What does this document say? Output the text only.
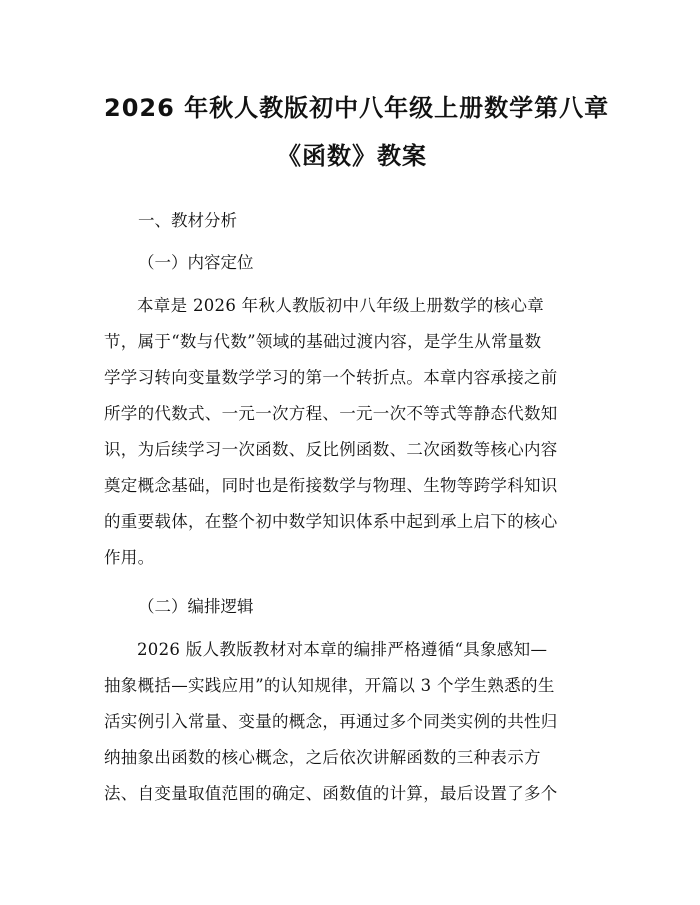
2026 年秋人教版初中八年级上册数学第八章
《函数》教案
一、教材分析
（一）内容定位
本章是 2026 年秋人教版初中八年级上册数学的核心章
节，属于“数与代数”领域的基础过渡内容，是学生从常量数
学学习转向变量数学学习的第一个转折点。本章内容承接之前
所学的代数式、一元一次方程、一元一次不等式等静态代数知
识，为后续学习一次函数、反比例函数、二次函数等核心内容
奠定概念基础，同时也是衔接数学与物理、生物等跨学科知识
的重要载体，在整个初中数学知识体系中起到承上启下的核心
作用。
（二）编排逻辑
2026 版人教版教材对本章的编排严格遵循“具象感知—
抽象概括—实践应用”的认知规律，开篇以 3 个学生熟悉的生
活实例引入常量、变量的概念，再通过多个同类实例的共性归
纳抽象出函数的核心概念，之后依次讲解函数的三种表示方
法、自变量取值范围的确定、函数值的计算，最后设置了多个
